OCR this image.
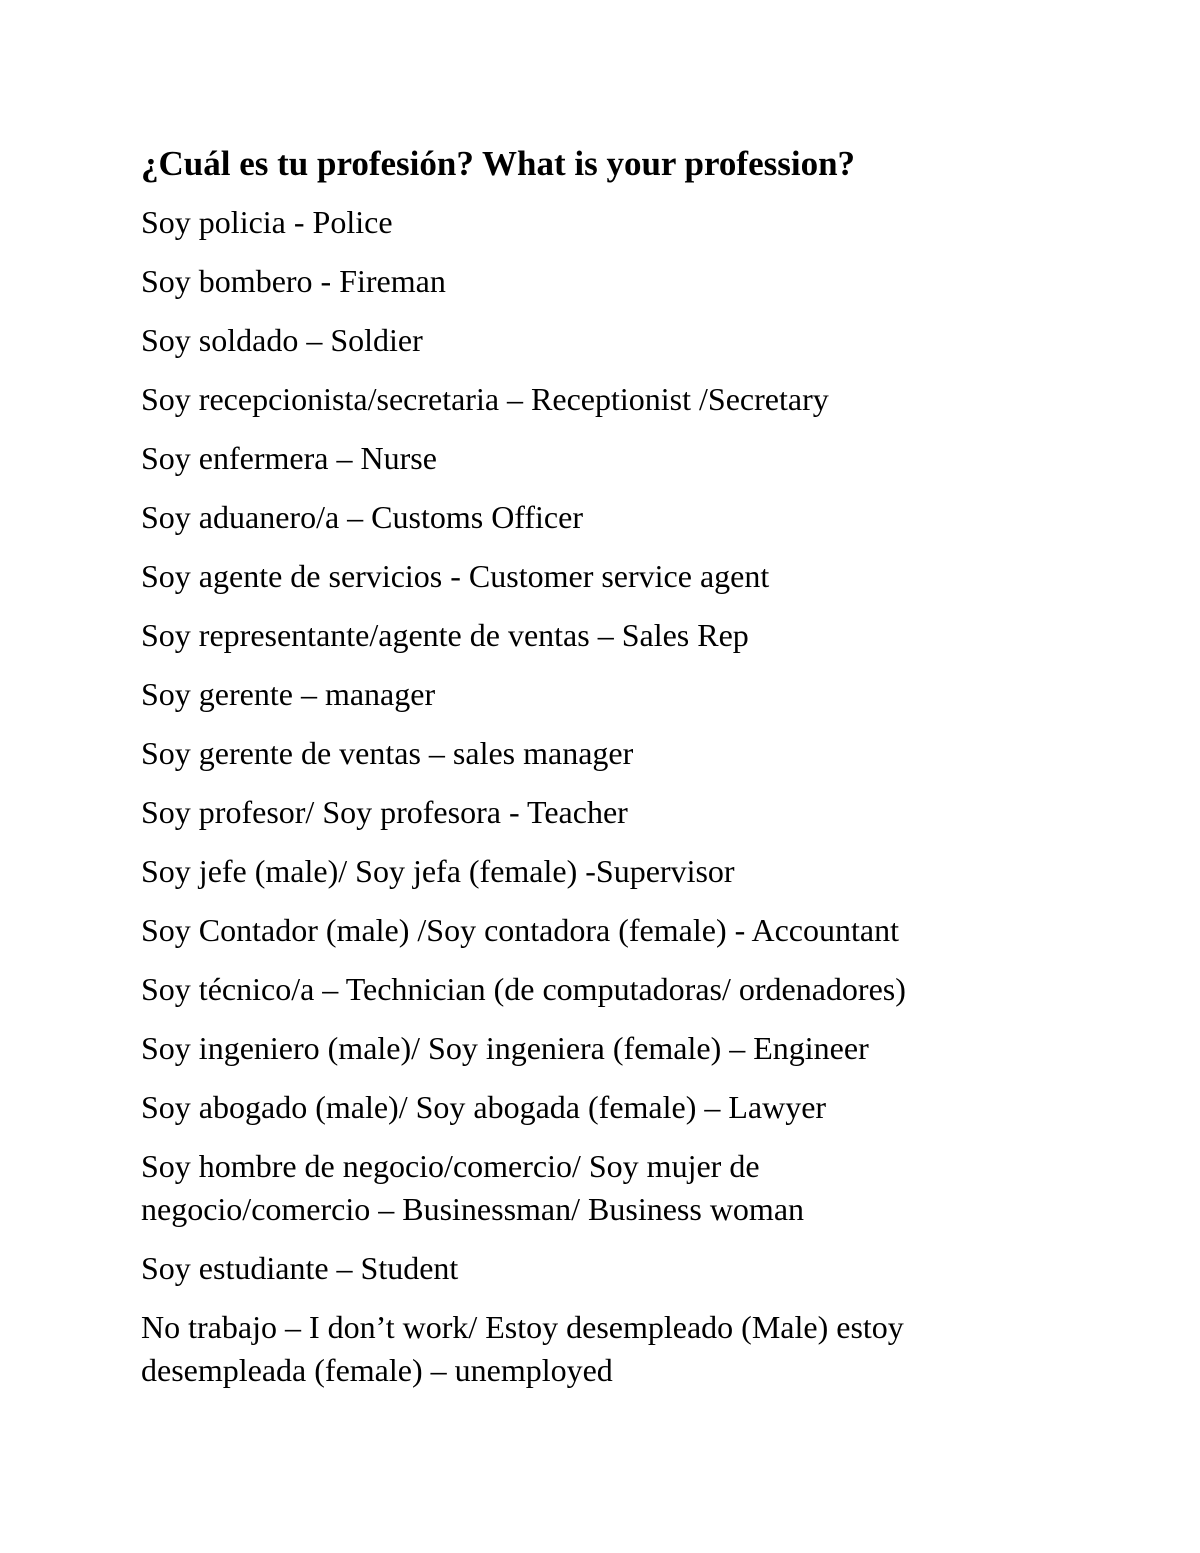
¿Cuál es tu profesión? What is your profession?
Soy policia - Police
Soy bombero - Fireman
Soy soldado – Soldier
Soy recepcionista/secretaria – Receptionist /Secretary
Soy enfermera – Nurse
Soy aduanero/a – Customs Officer
Soy agente de servicios - Customer service agent
Soy representante/agente de ventas – Sales Rep
Soy gerente – manager
Soy gerente de ventas – sales manager
Soy profesor/ Soy profesora - Teacher
Soy jefe (male)/ Soy jefa (female) -Supervisor
Soy Contador (male) /Soy contadora (female) - Accountant
Soy técnico/a – Technician (de computadoras/ ordenadores)
Soy ingeniero (male)/ Soy ingeniera (female) – Engineer
Soy abogado (male)/ Soy abogada (female) – Lawyer
Soy hombre de negocio/comercio/ Soy mujer de
negocio/comercio – Businessman/ Business woman
Soy estudiante – Student
No trabajo – I don’t work/ Estoy desempleado (Male) estoy
desempleada (female) – unemployed
